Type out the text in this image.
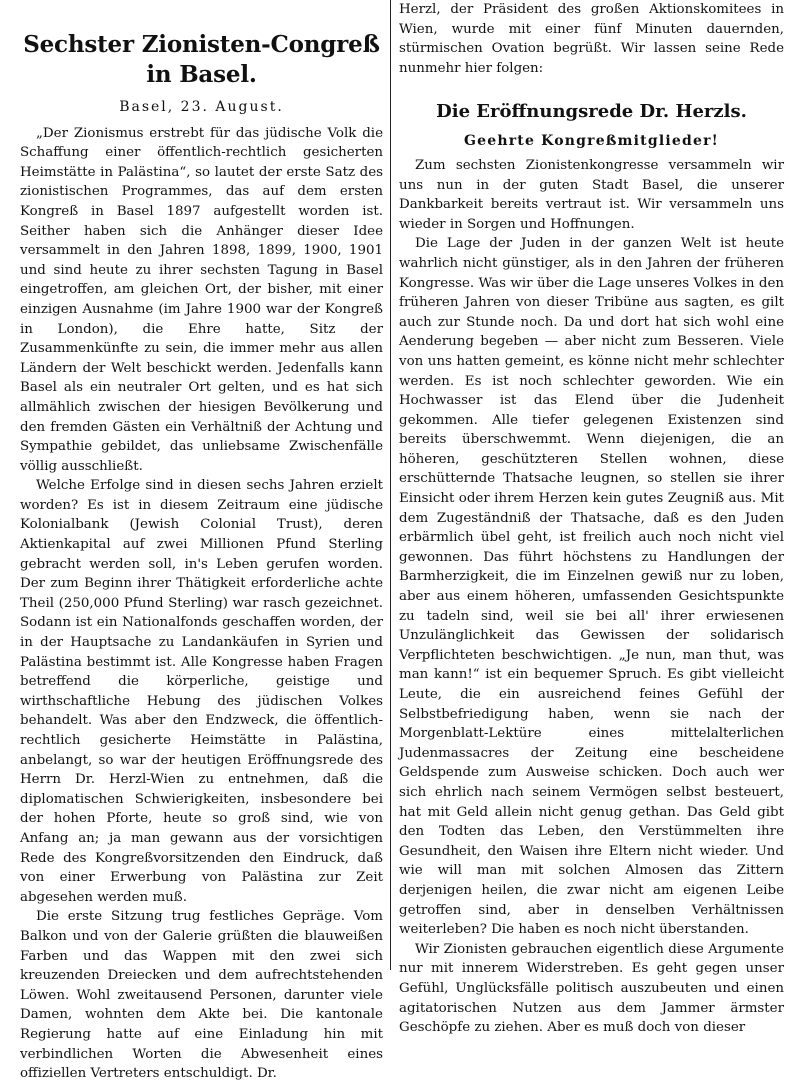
Sechster Zionisten-Congreß in Basel.
Basel, 23. August.

„Der Zionismus erstrebt für das jüdische Volk die Schaffung einer öffentlich-rechtlich gesicherten Heimstätte in Palästina“, so lautet der erste Satz des zionistischen Programmes, das auf dem ersten Kongreß in Basel 1897 aufgestellt worden ist. Seither haben sich die Anhänger dieser Idee versammelt in den Jahren 1898, 1899, 1900, 1901 und sind heute zu ihrer sechsten Tagung in Basel eingetroffen, am gleichen Ort, der bisher, mit einer einzigen Ausnahme (im Jahre 1900 war der Kongreß in London), die Ehre hatte, Sitz der Zusammenkünfte zu sein, die immer mehr aus allen Ländern der Welt beschickt werden. Jedenfalls kann Basel als ein neutraler Ort gelten, und es hat sich allmählich zwischen der hiesigen Bevölkerung und den fremden Gästen ein Verhältniß der Achtung und Sympathie gebildet, das unliebsame Zwischenfälle völlig ausschließt.

Welche Erfolge sind in diesen sechs Jahren erzielt worden? Es ist in diesem Zeitraum eine jüdische Kolonialbank (Jewish Colonial Trust), deren Aktienkapital auf zwei Millionen Pfund Sterling gebracht werden soll, in's Leben gerufen worden. Der zum Beginn ihrer Thätigkeit erforderliche achte Theil (250,000 Pfund Sterling) war rasch gezeichnet. Sodann ist ein Nationalfonds geschaffen worden, der in der Hauptsache zu Landankäufen in Syrien und Palästina bestimmt ist. Alle Kongresse haben Fragen betreffend die körperliche, geistige und wirthschaftliche Hebung des jüdischen Volkes behandelt. Was aber den Endzweck, die öffentlich-rechtlich gesicherte Heimstätte in Palästina, anbelangt, so war der heutigen Eröffnungsrede des Herrn Dr. Herzl-Wien zu entnehmen, daß die diplomatischen Schwierigkeiten, insbesondere bei der hohen Pforte, heute so groß sind, wie von Anfang an; ja man gewann aus der vorsichtigen Rede des Kongreßvorsitzenden den Eindruck, daß von einer Erwerbung von Palästina zur Zeit abgesehen werden muß.

Die erste Sitzung trug festliches Gepräge. Vom Balkon und von der Galerie grüßten die blauweißen Farben und das Wappen mit den zwei sich kreuzenden Dreiecken und dem aufrechtstehenden Löwen. Wohl zweitausend Personen, darunter viele Damen, wohnten dem Akte bei. Die kantonale Regierung hatte auf eine Einladung hin mit verbindlichen Worten die Abwesenheit eines offiziellen Vertreters entschuldigt. Dr.

Herzl, der Präsident des großen Aktionskomitees in Wien, wurde mit einer fünf Minuten dauernden, stürmischen Ovation begrüßt. Wir lassen seine Rede nunmehr hier folgen:

Die Eröffnungsrede Dr. Herzls.
Geehrte Kongreßmitglieder!

Zum sechsten Zionistenkongresse versammeln wir uns nun in der guten Stadt Basel, die unserer Dankbarkeit bereits vertraut ist. Wir versammeln uns wieder in Sorgen und Hoffnungen.

Die Lage der Juden in der ganzen Welt ist heute wahrlich nicht günstiger, als in den Jahren der früheren Kongresse. Was wir über die Lage unseres Volkes in den früheren Jahren von dieser Tribüne aus sagten, es gilt auch zur Stunde noch. Da und dort hat sich wohl eine Aenderung begeben — aber nicht zum Besseren. Viele von uns hatten gemeint, es könne nicht mehr schlechter werden. Es ist noch schlechter geworden. Wie ein Hochwasser ist das Elend über die Judenheit gekommen. Alle tiefer gelegenen Existenzen sind bereits überschwemmt. Wenn diejenigen, die an höheren, geschützteren Stellen wohnen, diese erschütternde Thatsache leugnen, so stellen sie ihrer Einsicht oder ihrem Herzen kein gutes Zeugniß aus. Mit dem Zugeständniß der Thatsache, daß es den Juden erbärmlich übel geht, ist freilich auch noch nicht viel gewonnen. Das führt höchstens zu Handlungen der Barmherzigkeit, die im Einzelnen gewiß nur zu loben, aber aus einem höheren, umfassenden Gesichtspunkte zu tadeln sind, weil sie bei all' ihrer erwiesenen Unzulänglichkeit das Gewissen der solidarisch Verpflichteten beschwichtigen. „Je nun, man thut, was man kann!“ ist ein bequemer Spruch. Es gibt vielleicht Leute, die ein ausreichend feines Gefühl der Selbstbefriedigung haben, wenn sie nach der Morgenblatt-Lektüre eines mittelalterlichen Judenmassacres der Zeitung eine bescheidene Geldspende zum Ausweise schicken. Doch auch wer sich ehrlich nach seinem Vermögen selbst besteuert, hat mit Geld allein nicht genug gethan. Das Geld gibt den Todten das Leben, den Verstümmelten ihre Gesundheit, den Waisen ihre Eltern nicht wieder. Und wie will man mit solchen Almosen das Zittern derjenigen heilen, die zwar nicht am eigenen Leibe getroffen sind, aber in denselben Verhältnissen weiterleben? Die haben es noch nicht überstanden.

Wir Zionisten gebrauchen eigentlich diese Argumente nur mit innerem Widerstreben. Es geht gegen unser Gefühl, Unglücksfälle politisch auszubeuten und einen agitatorischen Nutzen aus dem Jammer ärmster Geschöpfe zu ziehen. Aber es muß doch von dieser
